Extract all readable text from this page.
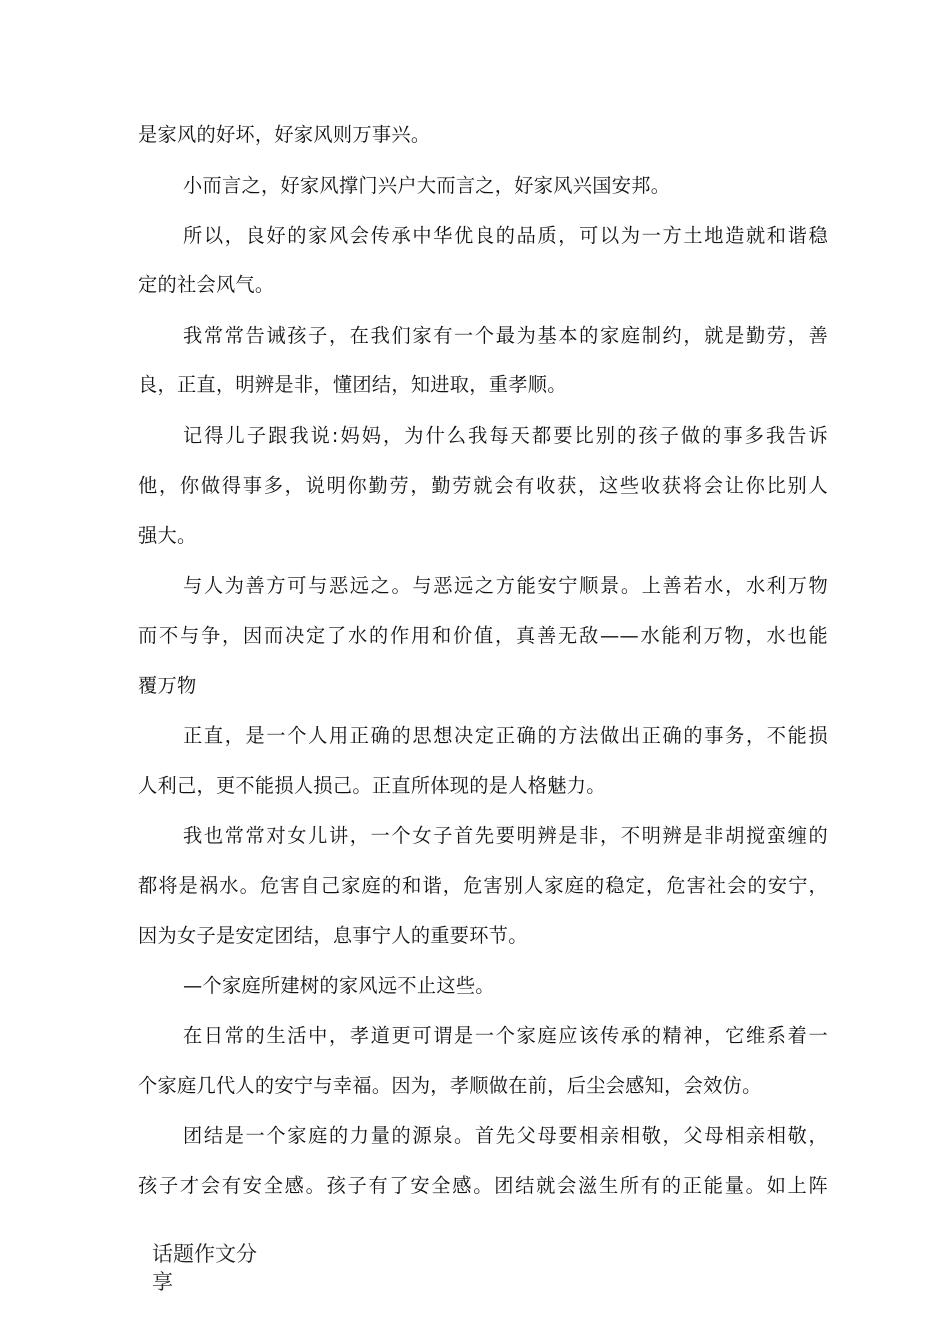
是家风的好坏，好家风则万事兴。
小而言之，好家风撑门兴户大而言之，好家风兴国安邦。
所以，良好的家风会传承中华优良的品质，可以为一方土地造就和谐稳
定的社会风气。
我常常告诫孩子，在我们家有一个最为基本的家庭制约，就是勤劳，善
良，正直，明辨是非，懂团结，知进取，重孝顺。
记得儿子跟我说:妈妈，为什么我每天都要比别的孩子做的事多我告诉
他，你做得事多，说明你勤劳，勤劳就会有收获，这些收获将会让你比别人
强大。
与人为善方可与恶远之。与恶远之方能安宁顺景。上善若水，水利万物
而不与争，因而决定了水的作用和价值，真善无敌——水能利万物，水也能
覆万物
正直，是一个人用正确的思想决定正确的方法做出正确的事务，不能损
人利己，更不能损人损己。正直所体现的是人格魅力。
我也常常对女儿讲，一个女子首先要明辨是非，不明辨是非胡搅蛮缠的
都将是祸水。危害自己家庭的和谐，危害别人家庭的稳定，危害社会的安宁，
因为女子是安定团结，息事宁人的重要环节。
—个家庭所建树的家风远不止这些。
在日常的生活中，孝道更可谓是一个家庭应该传承的精神，它维系着一
个家庭几代人的安宁与幸福。因为，孝顺做在前，后尘会感知，会效仿。
团结是一个家庭的力量的源泉。首先父母要相亲相敬，父母相亲相敬，
孩子才会有安全感。孩子有了安全感。团结就会滋生所有的正能量。如上阵
话题作文分
享
